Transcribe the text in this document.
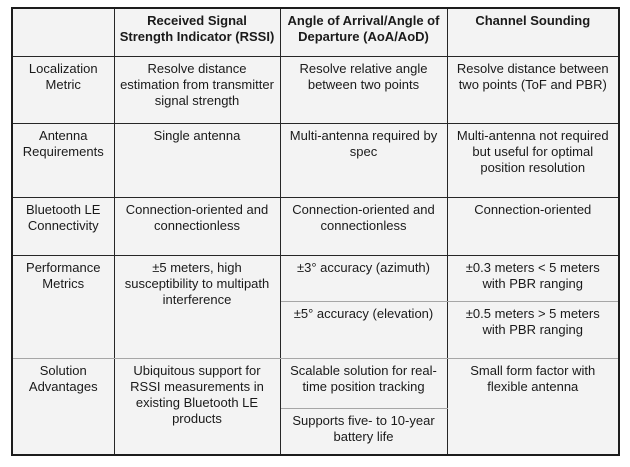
	Received Signal Strength Indicator (RSSI)	Angle of Arrival/Angle of Departure (AoA/AoD)	Channel Sounding
Localization Metric	Resolve distance estimation from transmitter signal strength	Resolve relative angle between two points	Resolve distance between two points (ToF and PBR)
Antenna Requirements	Single antenna	Multi-antenna required by spec	Multi-antenna not required but useful for optimal position resolution
Bluetooth LE Connectivity	Connection-oriented and connectionless	Connection-oriented and connectionless	Connection-oriented
Performance Metrics	±5 meters, high susceptibility to multipath interference	±3° accuracy (azimuth)	±0.3 meters < 5 meters with PBR ranging
		±5° accuracy (elevation)	±0.5 meters > 5 meters with PBR ranging
Solution Advantages	Ubiquitous support for RSSI measurements in existing Bluetooth LE products	Scalable solution for real-time position tracking	Small form factor with flexible antenna
		Supports five- to 10-year battery life	
